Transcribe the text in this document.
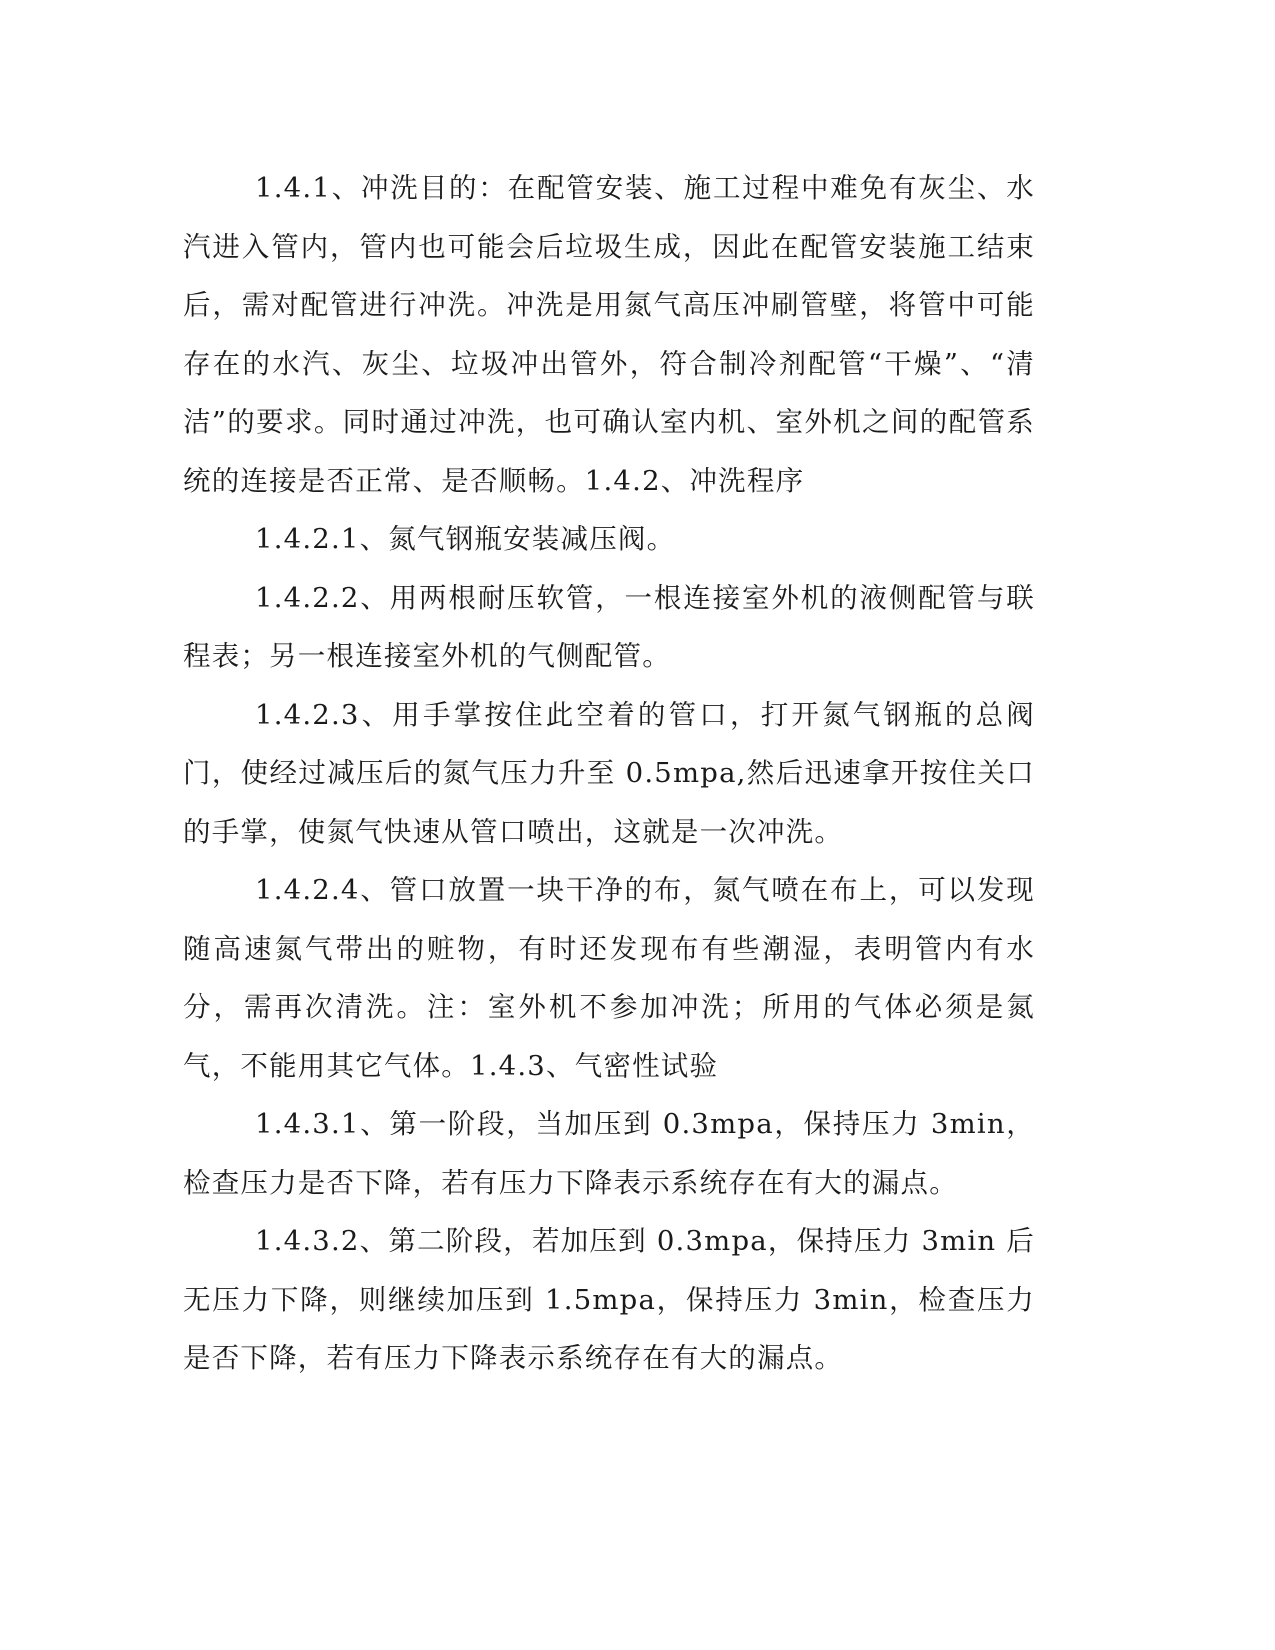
1.4.1、冲洗目的：在配管安装、施工过程中难免有灰尘、水汽进入管内，管内也可能会后垃圾生成，因此在配管安装施工结束后，需对配管进行冲洗。冲洗是用氮气高压冲刷管壁，将管中可能存在的水汽、灰尘、垃圾冲出管外，符合制冷剂配管“干燥”、“清洁”的要求。同时通过冲洗，也可确认室内机、室外机之间的配管系统的连接是否正常、是否顺畅。1.4.2、冲洗程序

1.4.2.1、氮气钢瓶安装减压阀。

1.4.2.2、用两根耐压软管，一根连接室外机的液侧配管与联程表；另一根连接室外机的气侧配管。

1.4.2.3、用手掌按住此空着的管口，打开氮气钢瓶的总阀门，使经过减压后的氮气压力升至 0.5mpa,然后迅速拿开按住关口的手掌，使氮气快速从管口喷出，这就是一次冲洗。

1.4.2.4、管口放置一块干净的布，氮气喷在布上，可以发现随高速氮气带出的赃物，有时还发现布有些潮湿，表明管内有水分，需再次清洗。注：室外机不参加冲洗；所用的气体必须是氮气，不能用其它气体。1.4.3、气密性试验

1.4.3.1、第一阶段，当加压到 0.3mpa，保持压力 3min，检查压力是否下降，若有压力下降表示系统存在有大的漏点。

1.4.3.2、第二阶段，若加压到 0.3mpa，保持压力 3min 后无压力下降，则继续加压到 1.5mpa，保持压力 3min，检查压力是否下降，若有压力下降表示系统存在有大的漏点。
